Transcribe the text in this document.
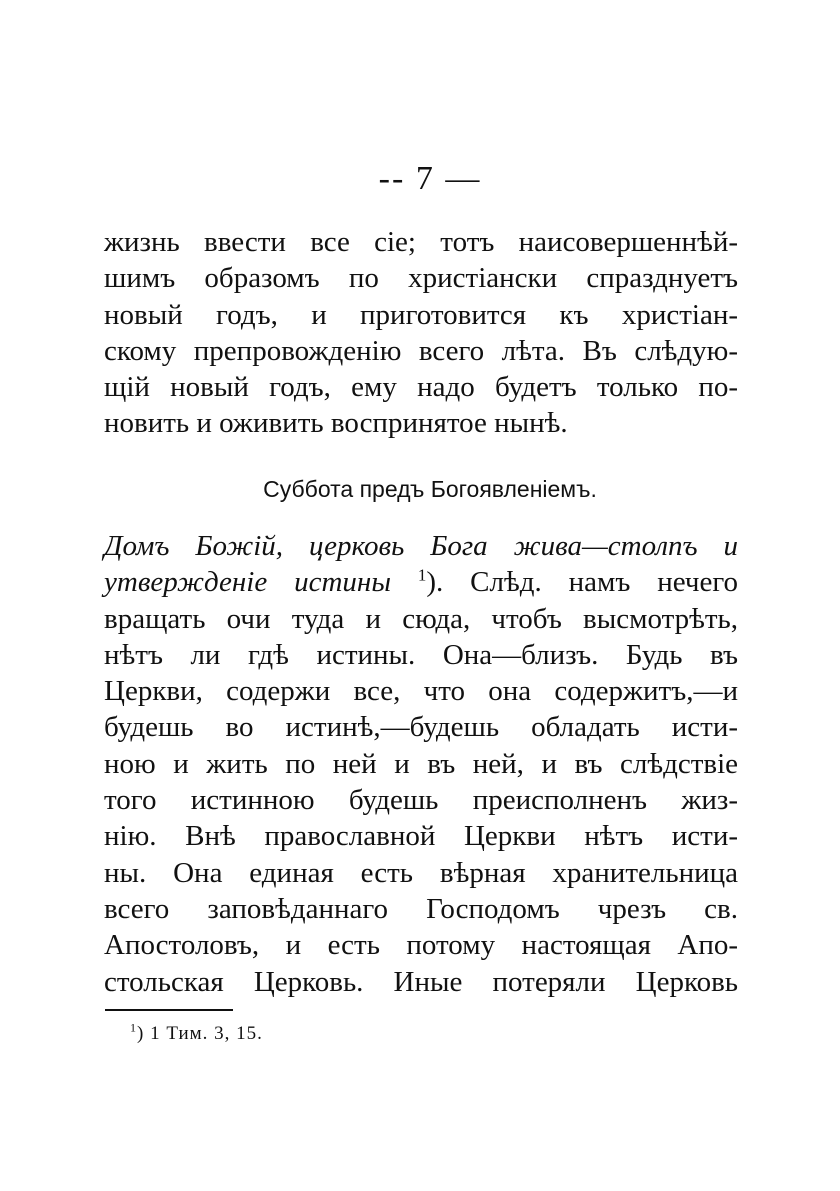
-- 7 —
жизнь ввести все сіе; тотъ наисовершеннѣй-
шимъ образомъ по христіански спразднуетъ
новый годъ, и приготовится къ христіан-
скому препровожденію всего лѣта. Въ слѣдую-
щій новый годъ, ему надо будетъ только по-
новить и оживить воспринятое нынѣ.
Суббота предъ Богоявленіемъ.
Домъ Божій, церковь Бога жива—столпъ и
утвержденіе истины $^1$). Слѣд. намъ нечего
вращать очи туда и сюда, чтобъ высмотрѣть,
нѣтъ ли гдѣ истины. Она—близъ. Будь въ
Церкви, содержи все, что она содержитъ,—и
будешь во истинѣ,—будешь обладать исти-
ною и жить по ней и въ ней, и въ слѣдствіе
того истинною будешь преисполненъ жиз-
нію. Внѣ православной Церкви нѣтъ исти-
ны. Она единая есть вѣрная хранительница
всего заповѣданнаго Господомъ чрезъ св.
Апостоловъ, и есть потому настоящая Апо-
стольская Церковь. Иные потеряли Церковь
$^1$) 1 Тим. 3, 15.
